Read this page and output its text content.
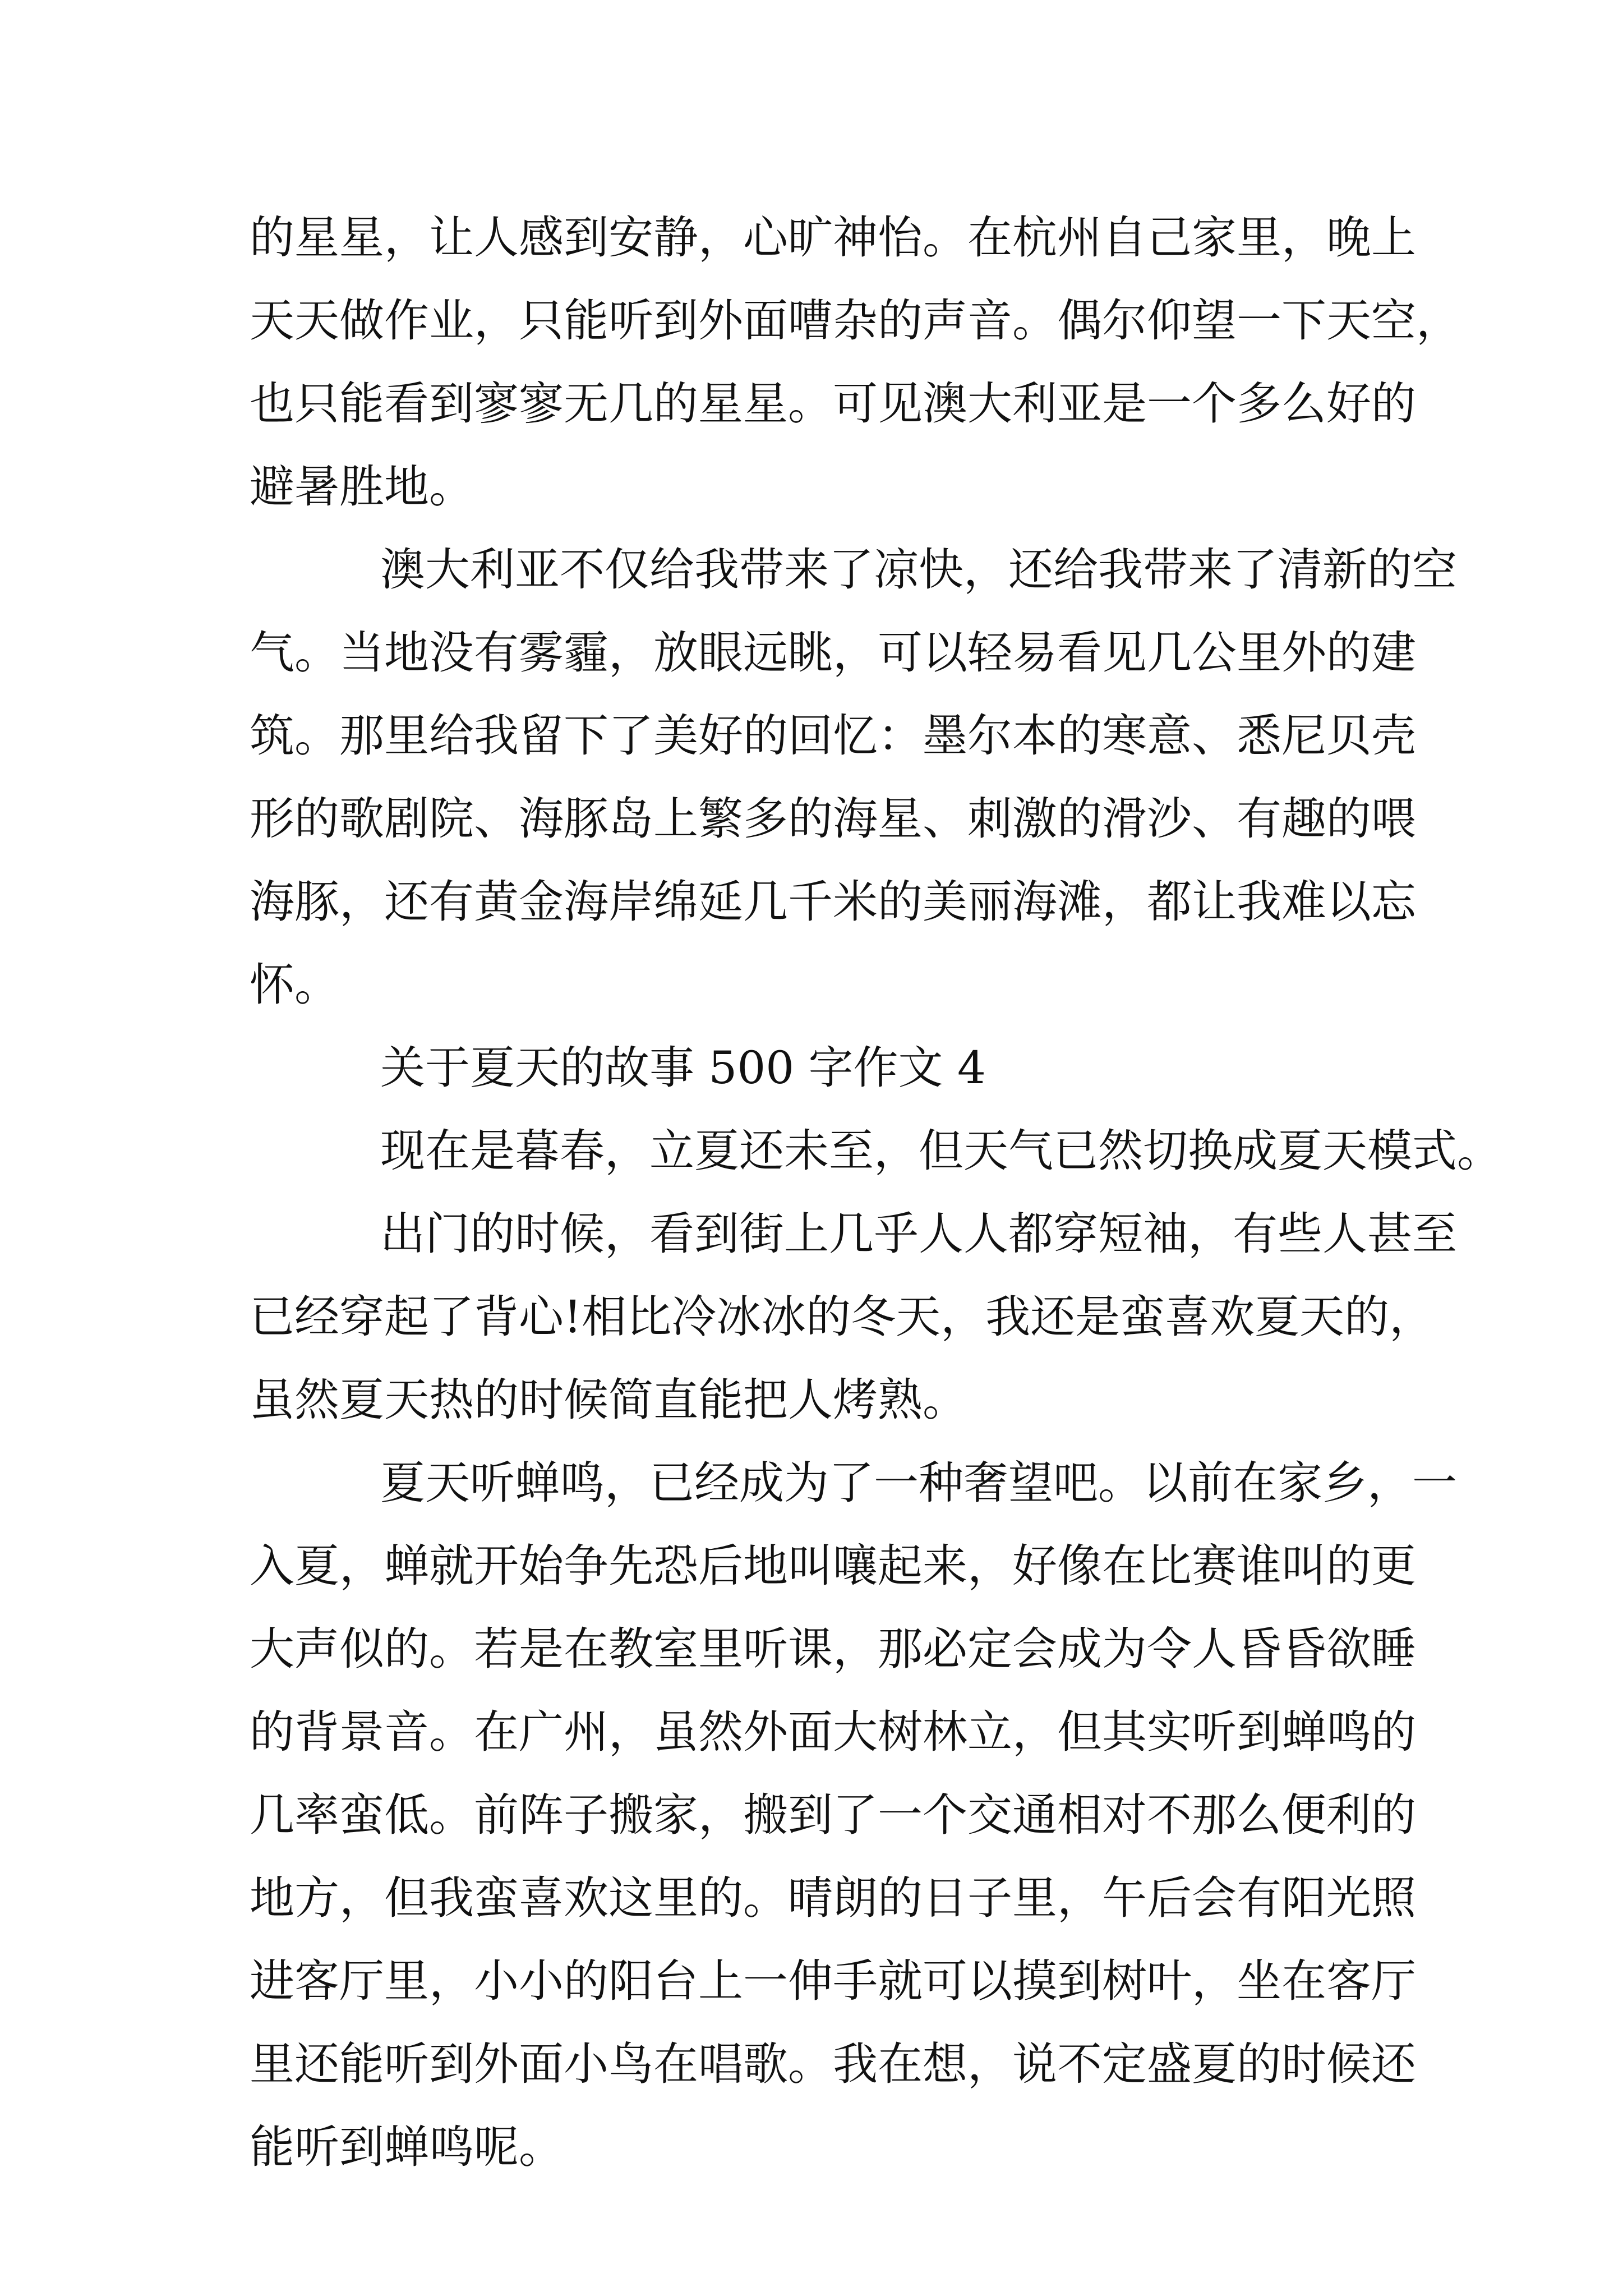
的星星，让人感到安静，心旷神怡。在杭州自己家里，晚上
天天做作业，只能听到外面嘈杂的声音。偶尔仰望一下天空，
也只能看到寥寥无几的星星。可见澳大利亚是一个多么好的
避暑胜地。
澳大利亚不仅给我带来了凉快，还给我带来了清新的空
气。当地没有雾霾，放眼远眺，可以轻易看见几公里外的建
筑。那里给我留下了美好的回忆：墨尔本的寒意、悉尼贝壳
形的歌剧院、海豚岛上繁多的海星、刺激的滑沙、有趣的喂
海豚，还有黄金海岸绵延几千米的美丽海滩，都让我难以忘
怀。
关于夏天的故事 500 字作文 4
现在是暮春，立夏还未至，但天气已然切换成夏天模式。
出门的时候，看到街上几乎人人都穿短袖，有些人甚至
已经穿起了背心!相比冷冰冰的冬天，我还是蛮喜欢夏天的，
虽然夏天热的时候简直能把人烤熟。
夏天听蝉鸣，已经成为了一种奢望吧。以前在家乡，一
入夏，蝉就开始争先恐后地叫嚷起来，好像在比赛谁叫的更
大声似的。若是在教室里听课，那必定会成为令人昏昏欲睡
的背景音。在广州，虽然外面大树林立，但其实听到蝉鸣的
几率蛮低。前阵子搬家，搬到了一个交通相对不那么便利的
地方，但我蛮喜欢这里的。晴朗的日子里，午后会有阳光照
进客厅里，小小的阳台上一伸手就可以摸到树叶，坐在客厅
里还能听到外面小鸟在唱歌。我在想，说不定盛夏的时候还
能听到蝉鸣呢。
